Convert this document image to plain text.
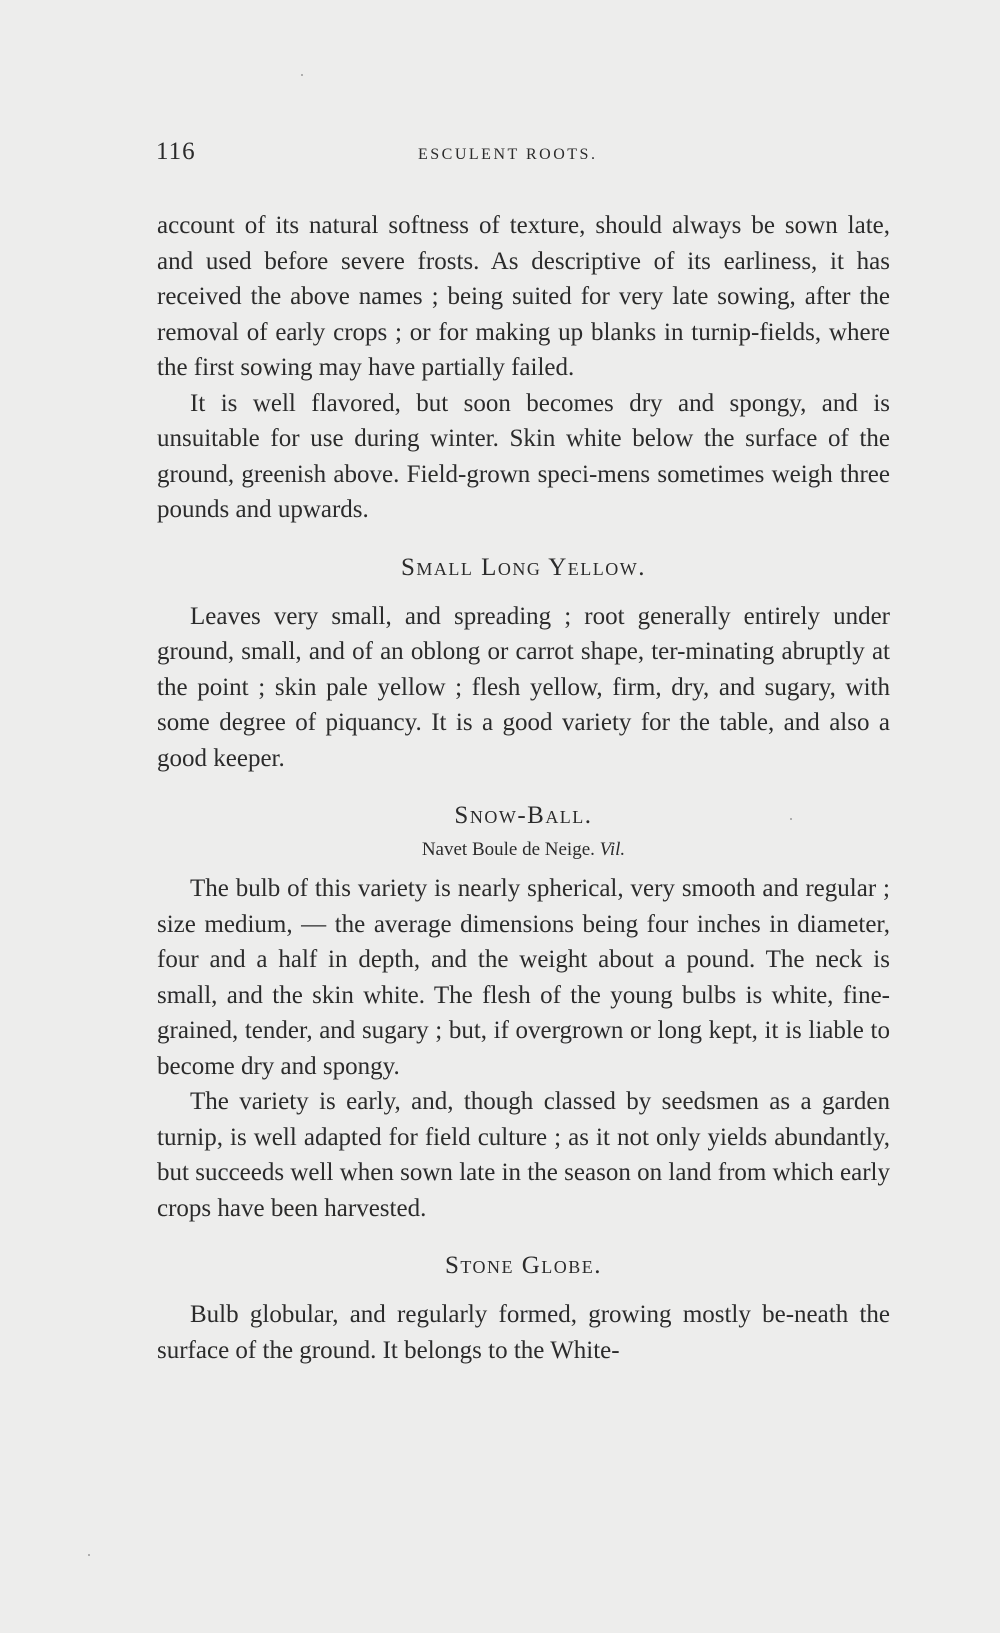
116	ESCULENT ROOTS.

account of its natural softness of texture, should always be sown late, and used before severe frosts. As descriptive of its earliness, it has received the above names ; being suited for very late sowing, after the removal of early crops ; or for making up blanks in turnip-fields, where the first sowing may have partially failed.

It is well flavored, but soon becomes dry and spongy, and is unsuitable for use during winter. Skin white below the surface of the ground, greenish above. Field-grown speci-mens sometimes weigh three pounds and upwards.

Small Long Yellow.

Leaves very small, and spreading ; root generally entirely under ground, small, and of an oblong or carrot shape, ter-minating abruptly at the point ; skin pale yellow ; flesh yellow, firm, dry, and sugary, with some degree of piquancy. It is a good variety for the table, and also a good keeper.

Snow-Ball.
Navet Boule de Neige. Vil.

The bulb of this variety is nearly spherical, very smooth and regular ; size medium, — the average dimensions being four inches in diameter, four and a half in depth, and the weight about a pound. The neck is small, and the skin white. The flesh of the young bulbs is white, fine-grained, tender, and sugary ; but, if overgrown or long kept, it is liable to become dry and spongy.

The variety is early, and, though classed by seedsmen as a garden turnip, is well adapted for field culture ; as it not only yields abundantly, but succeeds well when sown late in the season on land from which early crops have been harvested.

Stone Globe.

Bulb globular, and regularly formed, growing mostly be-neath the surface of the ground. It belongs to the White-
